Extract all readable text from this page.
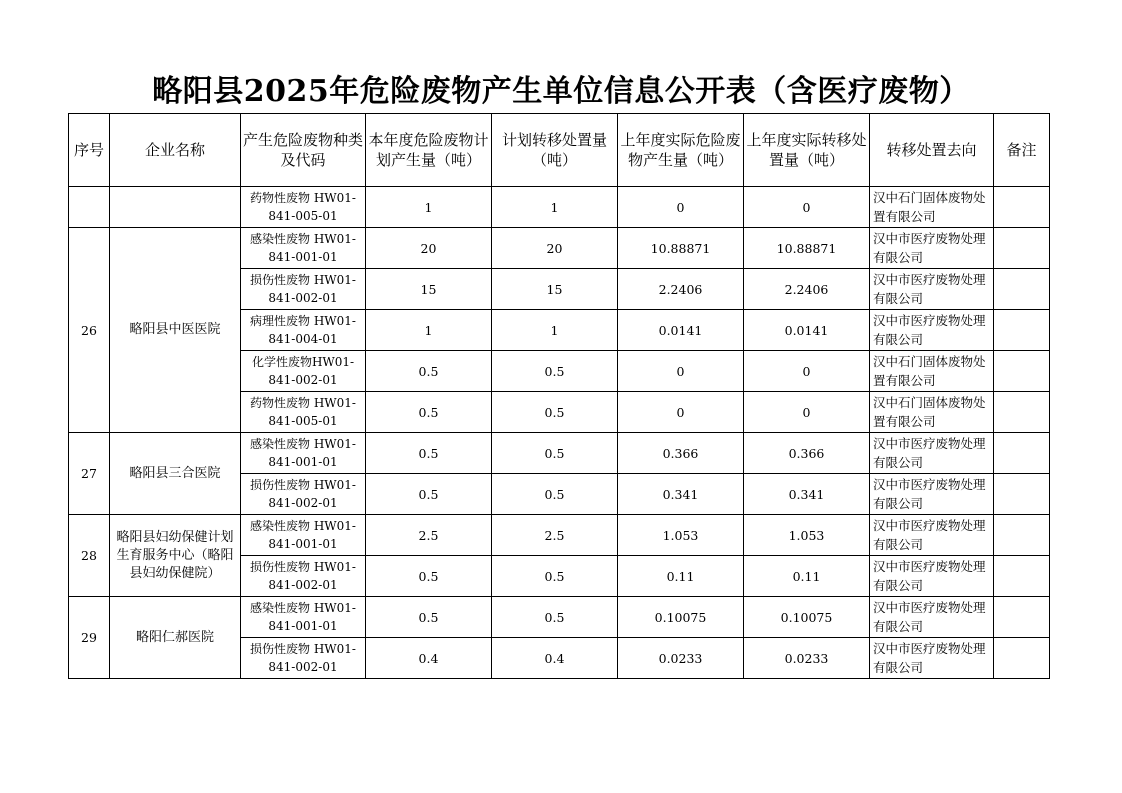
略阳县2025年危险废物产生单位信息公开表（含医疗废物）
序号	企业名称	产生危险废物种类及代码	本年度危险废物计划产生量（吨）	计划转移处置量（吨）	上年度实际危险废物产生量（吨）	上年度实际转移处置量（吨）	转移处置去向	备注
		药物性废物 HW01-841-005-01	1	1	0	0	汉中石门固体废物处置有限公司	
26	略阳县中医医院	感染性废物 HW01-841-001-01	20	20	10.88871	10.88871	汉中市医疗废物处理有限公司	
		损伤性废物 HW01-841-002-01	15	15	2.2406	2.2406	汉中市医疗废物处理有限公司	
		病理性废物 HW01-841-004-01	1	1	0.0141	0.0141	汉中市医疗废物处理有限公司	
		化学性废物HW01-841-002-01	0.5	0.5	0	0	汉中石门固体废物处置有限公司	
		药物性废物 HW01-841-005-01	0.5	0.5	0	0	汉中石门固体废物处置有限公司	
27	略阳县三合医院	感染性废物 HW01-841-001-01	0.5	0.5	0.366	0.366	汉中市医疗废物处理有限公司	
		损伤性废物 HW01-841-002-01	0.5	0.5	0.341	0.341	汉中市医疗废物处理有限公司	
28	略阳县妇幼保健计划生育服务中心（略阳县妇幼保健院）	感染性废物 HW01-841-001-01	2.5	2.5	1.053	1.053	汉中市医疗废物处理有限公司	
		损伤性废物 HW01-841-002-01	0.5	0.5	0.11	0.11	汉中市医疗废物处理有限公司	
29	略阳仁郝医院	感染性废物 HW01-841-001-01	0.5	0.5	0.10075	0.10075	汉中市医疗废物处理有限公司	
		损伤性废物 HW01-841-002-01	0.4	0.4	0.0233	0.0233	汉中市医疗废物处理有限公司	
